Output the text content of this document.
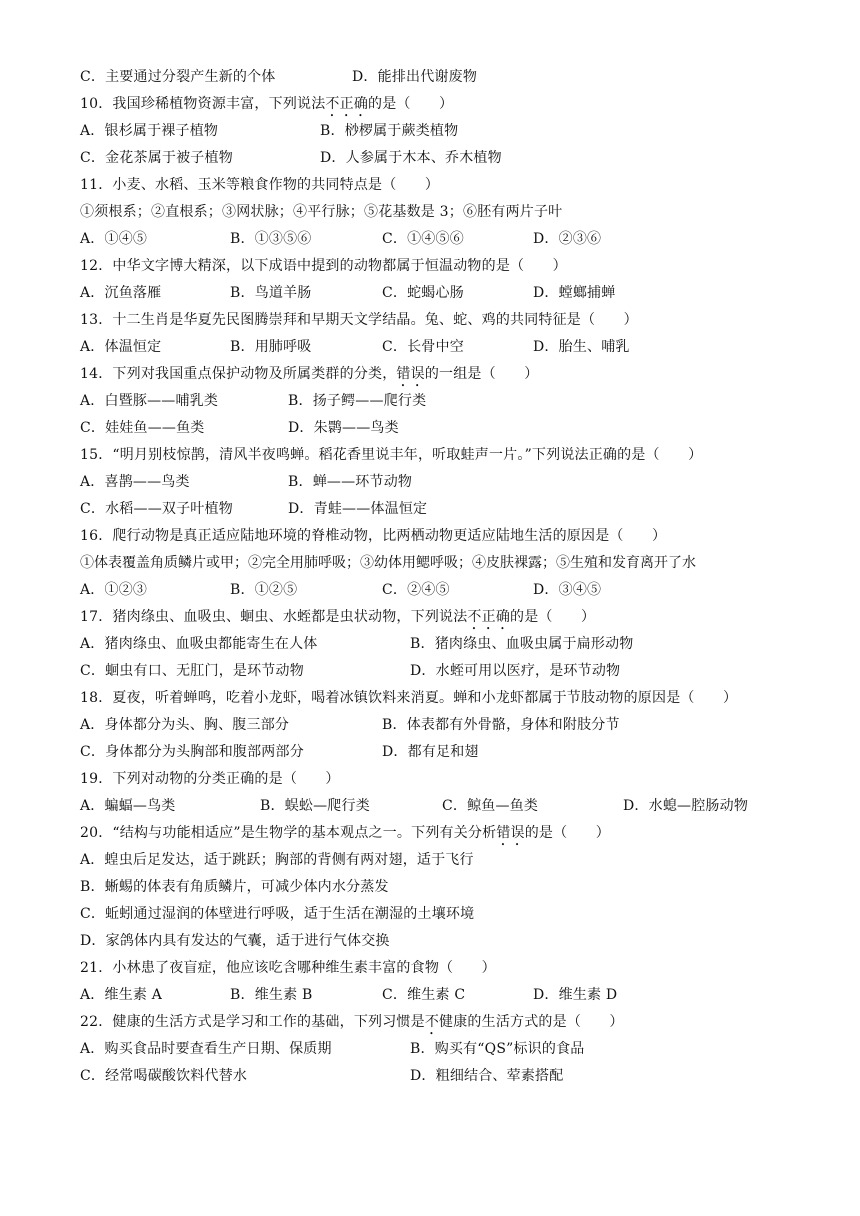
C．主要通过分裂产生新的个体	D．能排出代谢废物
10．我国珍稀植物资源丰富，下列说法不正确的是（　　）
A．银杉属于裸子植物	B．桫椤属于蕨类植物
C．金花茶属于被子植物	D．人参属于木本、乔木植物
11．小麦、水稻、玉米等粮食作物的共同特点是（　　）
①须根系；②直根系；③网状脉；④平行脉；⑤花基数是 3；⑥胚有两片子叶
A．①④⑤	B．①③⑤⑥	C．①④⑤⑥	D．②③⑥
12．中华文字博大精深，以下成语中提到的动物都属于恒温动物的是（　　）
A．沉鱼落雁	B．鸟道羊肠	C．蛇蝎心肠	D．螳螂捕蝉
13．十二生肖是华夏先民图腾崇拜和早期天文学结晶。兔、蛇、鸡的共同特征是（　　）
A．体温恒定	B．用肺呼吸	C．长骨中空	D．胎生、哺乳
14．下列对我国重点保护动物及所属类群的分类，错误的一组是（　　）
A．白暨豚——哺乳类	B．扬子鳄——爬行类
C．娃娃鱼——鱼类	D．朱鹮——鸟类
15．“明月别枝惊鹊，清风半夜鸣蝉。稻花香里说丰年，听取蛙声一片。”下列说法正确的是（　　）
A．喜鹊——鸟类	B．蝉——环节动物
C．水稻——双子叶植物	D．青蛙——体温恒定
16．爬行动物是真正适应陆地环境的脊椎动物，比两栖动物更适应陆地生活的原因是（　　）
①体表覆盖角质鳞片或甲；②完全用肺呼吸；③幼体用鳃呼吸；④皮肤裸露；⑤生殖和发育离开了水
A．①②③	B．①②⑤	C．②④⑤	D．③④⑤
17．猪肉绦虫、血吸虫、蛔虫、水蛭都是虫状动物，下列说法不正确的是（　　）
A．猪肉绦虫、血吸虫都能寄生在人体	B．猪肉绦虫、血吸虫属于扁形动物
C．蛔虫有口、无肛门，是环节动物	D．水蛭可用以医疗，是环节动物
18．夏夜，听着蝉鸣，吃着小龙虾，喝着冰镇饮料来消夏。蝉和小龙虾都属于节肢动物的原因是（　　）
A．身体都分为头、胸、腹三部分	B．体表都有外骨骼，身体和附肢分节
C．身体都分为头胸部和腹部两部分	D．都有足和翅
19．下列对动物的分类正确的是（　　）
A．蝙蝠—鸟类	B．蜈蚣—爬行类	C．鲸鱼—鱼类	D．水螅—腔肠动物
20．“结构与功能相适应”是生物学的基本观点之一。下列有关分析错误的是（　　）
A．蝗虫后足发达，适于跳跃；胸部的背侧有两对翅，适于飞行
B．蜥蜴的体表有角质鳞片，可减少体内水分蒸发
C．蚯蚓通过湿润的体壁进行呼吸，适于生活在潮湿的土壤环境
D．家鸽体内具有发达的气囊，适于进行气体交换
21．小林患了夜盲症，他应该吃含哪种维生素丰富的食物（　　）
A．维生素 A	B．维生素 B	C．维生素 C	D．维生素 D
22．健康的生活方式是学习和工作的基础，下列习惯是不健康的生活方式的是（　　）
A．购买食品时要查看生产日期、保质期	B．购买有“QS”标识的食品
C．经常喝碳酸饮料代替水	D．粗细结合、荤素搭配
